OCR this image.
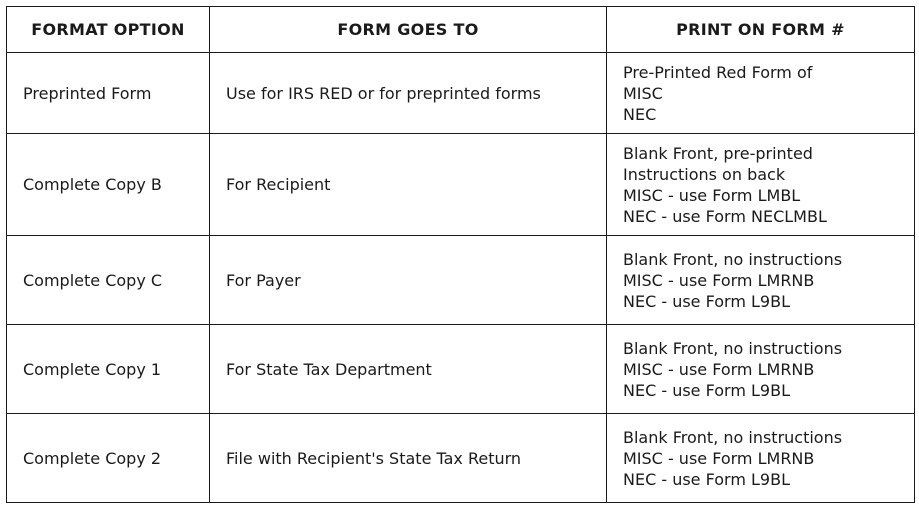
FORMAT OPTION	FORM GOES TO	PRINT ON FORM #
Preprinted Form	Use for IRS RED or for preprinted forms	Pre-Printed Red Form of
MISC
NEC

Complete Copy B	For Recipient	Blank Front, pre-printed
Instructions on back
MISC - use Form LMBL
NEC - use Form NECLMBL

Complete Copy C	For Payer	Blank Front, no instructions
MISC - use Form LMRNB
NEC - use Form L9BL

Complete Copy 1	For State Tax Department	Blank Front, no instructions
MISC - use Form LMRNB
NEC - use Form L9BL

Complete Copy 2	File with Recipient's State Tax Return	Blank Front, no instructions
MISC - use Form LMRNB
NEC - use Form L9BL
